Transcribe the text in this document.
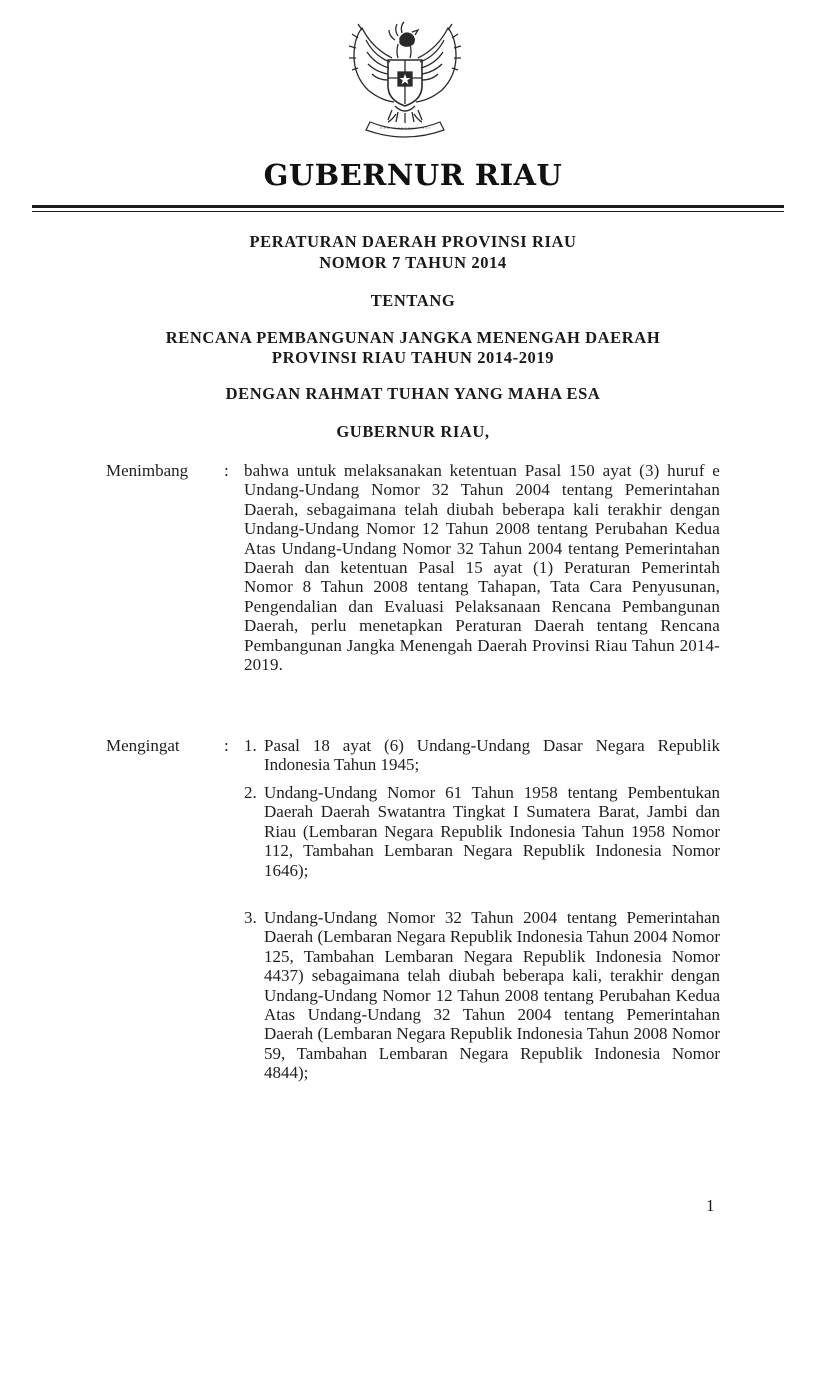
GUBERNUR RIAU
PERATURAN DAERAH PROVINSI RIAU
NOMOR 7 TAHUN 2014
TENTANG
RENCANA PEMBANGUNAN JANGKA MENENGAH DAERAH
PROVINSI RIAU TAHUN 2014-2019
DENGAN RAHMAT TUHAN YANG MAHA ESA
GUBERNUR RIAU,
Menimbang : bahwa untuk melaksanakan ketentuan Pasal 150 ayat (3) huruf e Undang-Undang Nomor 32 Tahun 2004 tentang Pemerintahan Daerah, sebagaimana telah diubah beberapa kali terakhir dengan Undang-Undang Nomor 12 Tahun 2008 tentang Perubahan Kedua Atas Undang-Undang Nomor 32 Tahun 2004 tentang Pemerintahan Daerah dan ketentuan Pasal 15 ayat (1) Peraturan Pemerintah Nomor 8 Tahun 2008 tentang Tahapan, Tata Cara Penyusunan, Pengendalian dan Evaluasi Pelaksanaan Rencana Pembangunan Daerah, perlu menetapkan Peraturan Daerah tentang Rencana Pembangunan Jangka Menengah Daerah Provinsi Riau Tahun 2014-2019.
Mengingat	: 1. Pasal 18 ayat (6) Undang-Undang Dasar Negara Republik Indonesia Tahun 1945;
2. Undang-Undang Nomor 61 Tahun 1958 tentang Pembentukan Daerah Daerah Swatantra Tingkat I Sumatera Barat, Jambi dan Riau (Lembaran Negara Republik Indonesia Tahun 1958 Nomor 112, Tambahan Lembaran Negara Republik Indonesia Nomor 1646);
3. Undang-Undang Nomor 32 Tahun 2004 tentang Pemerintahan Daerah (Lembaran Negara Republik Indonesia Tahun 2004 Nomor 125, Tambahan Lembaran Negara Republik Indonesia Nomor 4437) sebagaimana telah diubah beberapa kali, terakhir dengan Undang-Undang Nomor 12 Tahun 2008 tentang Perubahan Kedua Atas Undang-Undang 32 Tahun 2004 tentang Pemerintahan Daerah (Lembaran Negara Republik Indonesia Tahun 2008 Nomor 59, Tambahan Lembaran Negara Republik Indonesia Nomor 4844);
1
